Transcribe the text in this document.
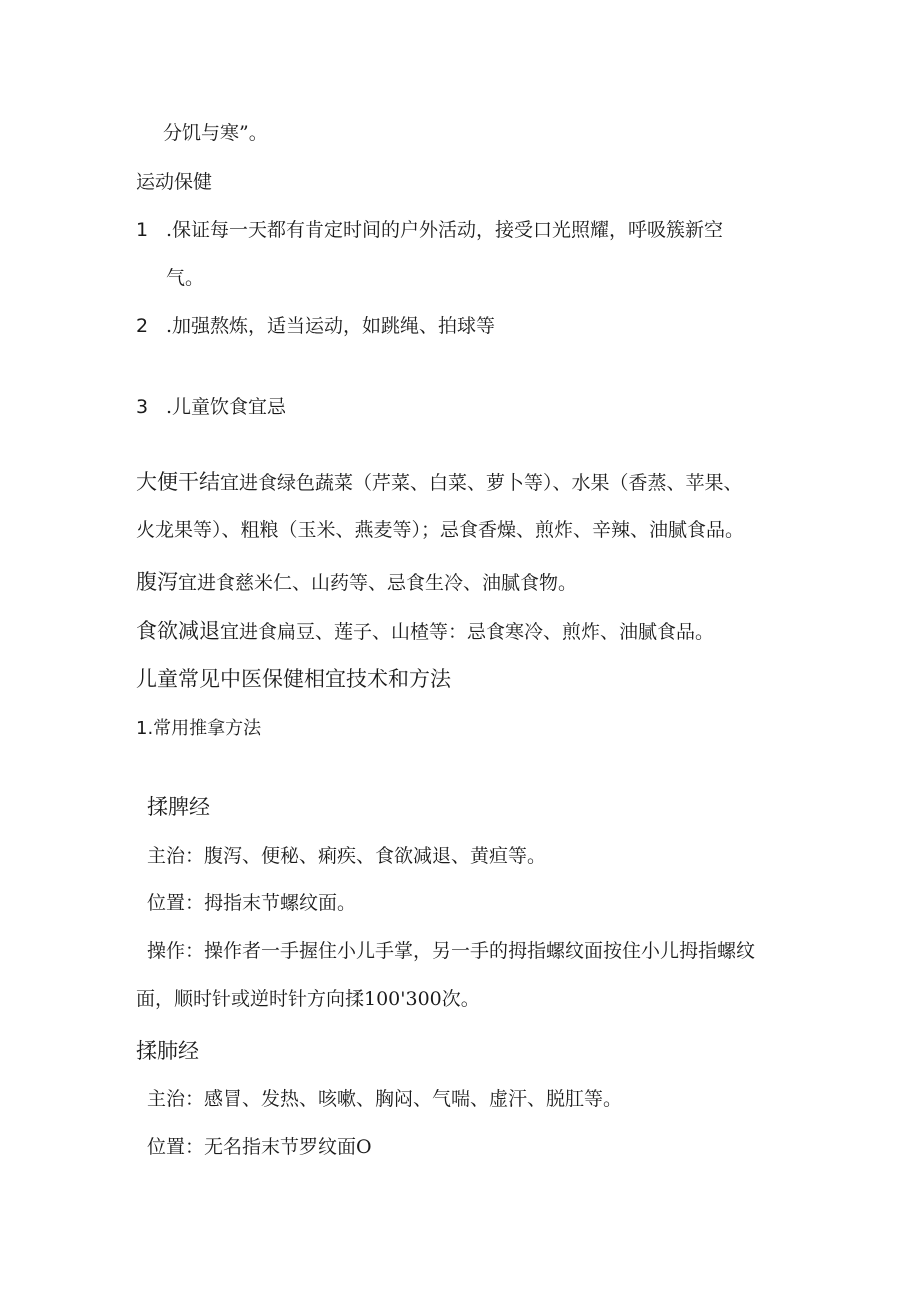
分饥与寒”。
运动保健
1 .保证每一天都有肯定时间的户外活动，接受口光照耀，呼吸簇新空
气。
2 .加强熬炼，适当运动，如跳绳、拍球等
3 .儿童饮食宜忌
大便干结宜进食绿色蔬菜（芹菜、白菜、萝卜等）、水果（香蒸、苹果、
火龙果等）、粗粮（玉米、燕麦等）；忌食香燥、煎炸、辛辣、油腻食品。
腹泻宜进食慈米仁、山药等、忌食生冷、油腻食物。
食欲减退宜进食扁豆、莲子、山楂等：忌食寒冷、煎炸、油腻食品。
儿童常见中医保健相宜技术和方法
1.常用推拿方法
揉脾经
主治：腹泻、便秘、痢疾、食欲减退、黄疸等。
位置：拇指末节螺纹面。
操作：操作者一手握住小儿手掌，另一手的拇指螺纹面按住小儿拇指螺纹
面，顺时针或逆时针方向揉100'300次。
揉肺经
主治：感冒、发热、咳嗽、胸闷、气喘、虚汗、脱肛等。
位置：无名指末节罗纹面O
